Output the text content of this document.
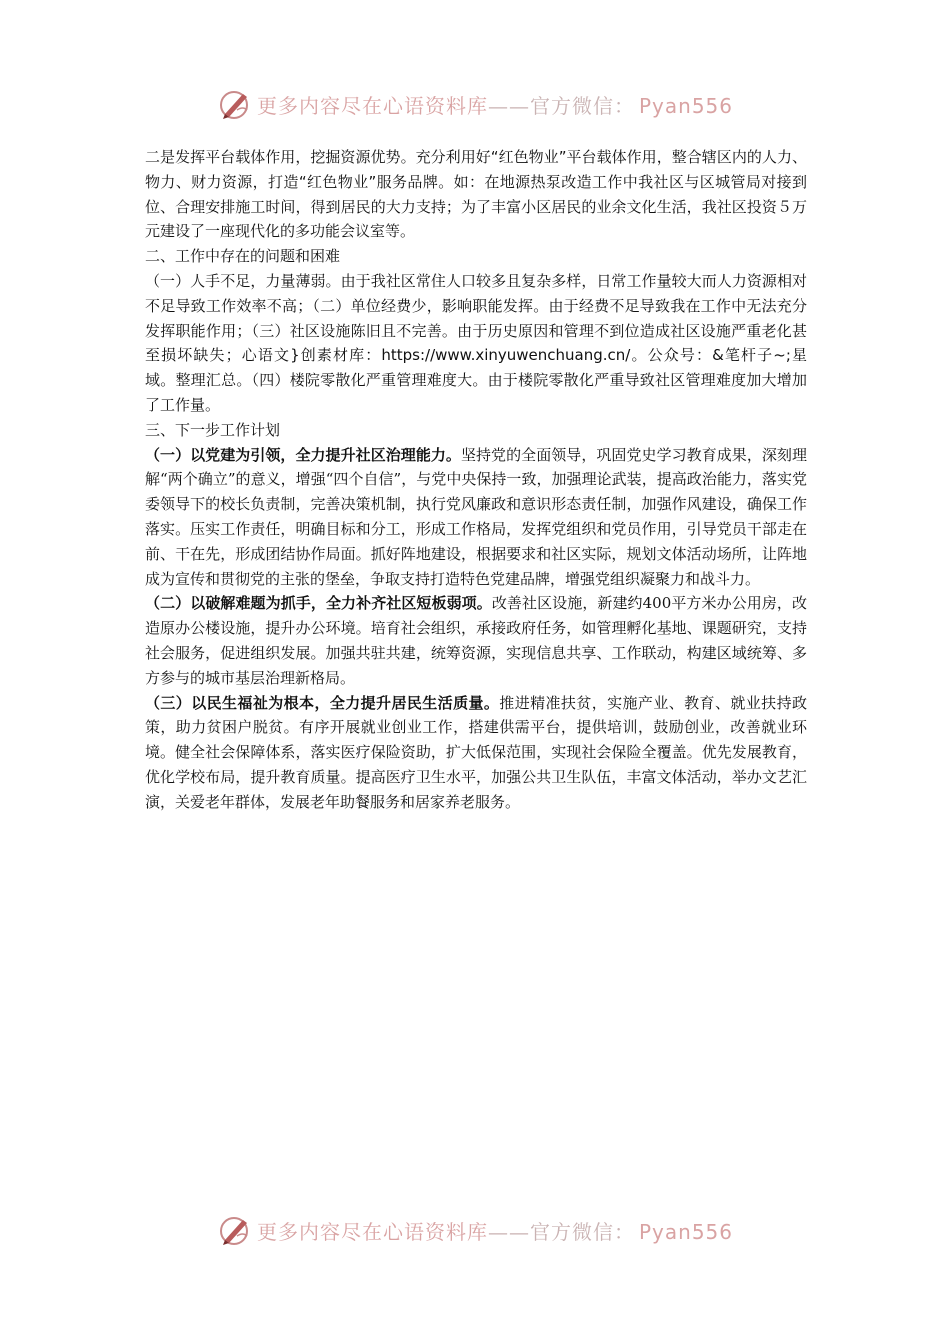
更多内容尽在心语资料库——官方微信： Pyan556

二是发挥平台载体作用，挖掘资源优势。充分利用好“红色物业”平台载体作用，整合辖区内的人力、物力、财力资源，打造“红色物业”服务品牌。如：在地源热泵改造工作中我社区与区城管局对接到位、合理安排施工时间，得到居民的大力支持；为了丰富小区居民的业余文化生活，我社区投资５万元建设了一座现代化的多功能会议室等。

二、工作中存在的问题和困难

（一）人手不足，力量薄弱。由于我社区常住人口较多且复杂多样，日常工作量较大而人力资源相对不足导致工作效率不高；（二）单位经费少，影响职能发挥。由于经费不足导致我在工作中无法充分发挥职能作用；（三）社区设施陈旧且不完善。由于历史原因和管理不到位造成社区设施严重老化甚至损坏缺失；心语文}创素材库：https://www.xinyuwenchuang.cn/。公众号：&笔杆子~;星域。整理汇总。（四）楼院零散化严重管理难度大。由于楼院零散化严重导致社区管理难度加大增加了工作量。

三、下一步工作计划

（一）以党建为引领，全力提升社区治理能力。坚持党的全面领导，巩固党史学习教育成果，深刻理解“两个确立”的意义，增强“四个自信”，与党中央保持一致，加强理论武装，提高政治能力，落实党委领导下的校长负责制，完善决策机制，执行党风廉政和意识形态责任制，加强作风建设，确保工作落实。压实工作责任，明确目标和分工，形成工作格局，发挥党组织和党员作用，引导党员干部走在前、干在先，形成团结协作局面。抓好阵地建设，根据要求和社区实际，规划文体活动场所，让阵地成为宣传和贯彻党的主张的堡垒，争取支持打造特色党建品牌，增强党组织凝聚力和战斗力。

（二）以破解难题为抓手，全力补齐社区短板弱项。改善社区设施，新建约400平方米办公用房，改造原办公楼设施，提升办公环境。培育社会组织，承接政府任务，如管理孵化基地、课题研究，支持社会服务，促进组织发展。加强共驻共建，统筹资源，实现信息共享、工作联动，构建区域统筹、多方参与的城市基层治理新格局。

（三）以民生福祉为根本，全力提升居民生活质量。推进精准扶贫，实施产业、教育、就业扶持政策，助力贫困户脱贫。有序开展就业创业工作，搭建供需平台，提供培训，鼓励创业，改善就业环境。健全社会保障体系，落实医疗保险资助，扩大低保范围，实现社会保险全覆盖。优先发展教育，优化学校布局，提升教育质量。提高医疗卫生水平，加强公共卫生队伍，丰富文体活动，举办文艺汇演，关爱老年群体，发展老年助餐服务和居家养老服务。

更多内容尽在心语资料库——官方微信： Pyan556
